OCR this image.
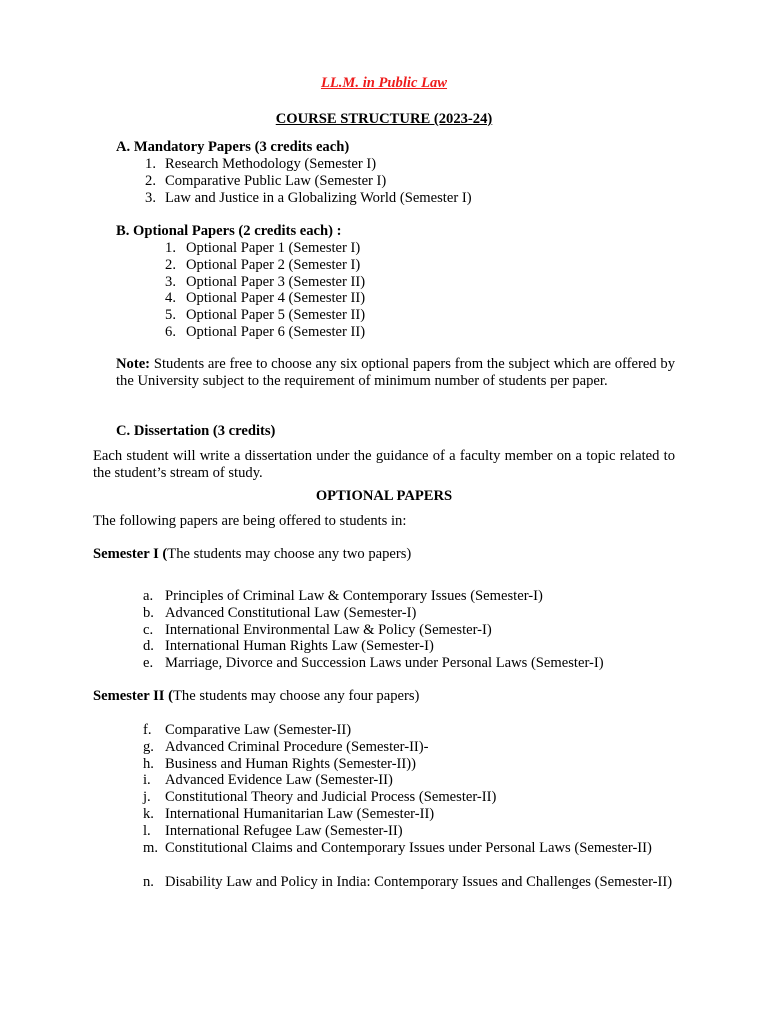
LL.M. in Public Law
COURSE STRUCTURE (2023-24)
A. Mandatory Papers (3 credits each)
1. Research Methodology (Semester I)
2. Comparative Public Law (Semester I)
3. Law and Justice in a Globalizing World (Semester I)
B. Optional Papers (2 credits each) :
1. Optional Paper 1 (Semester I)
2. Optional Paper 2 (Semester I)
3. Optional Paper 3 (Semester II)
4. Optional Paper 4 (Semester II)
5. Optional Paper 5 (Semester II)
6. Optional Paper 6 (Semester II)
Note: Students are free to choose any six optional papers from the subject which are offered by the University subject to the requirement of minimum number of students per paper.
C. Dissertation (3 credits)
Each student will write a dissertation under the guidance of a faculty member on a topic related to the student’s stream of study.
OPTIONAL PAPERS
The following papers are being offered to students in:
Semester I (The students may choose any two papers)
a. Principles of Criminal Law & Contemporary Issues (Semester-I)
b. Advanced Constitutional Law (Semester-I)
c. International Environmental Law & Policy (Semester-I)
d. International Human Rights Law (Semester-I)
e. Marriage, Divorce and Succession Laws under Personal Laws (Semester-I)
Semester II (The students may choose any four papers)
f. Comparative Law (Semester-II)
g. Advanced Criminal Procedure (Semester-II)-
h. Business and Human Rights (Semester-II))
i. Advanced Evidence Law (Semester-II)
j. Constitutional Theory and Judicial Process (Semester-II)
k. International Humanitarian Law (Semester-II)
l. International Refugee Law (Semester-II)
m. Constitutional Claims and Contemporary Issues under Personal Laws (Semester-II)
n. Disability Law and Policy in India: Contemporary Issues and Challenges (Semester-II)
